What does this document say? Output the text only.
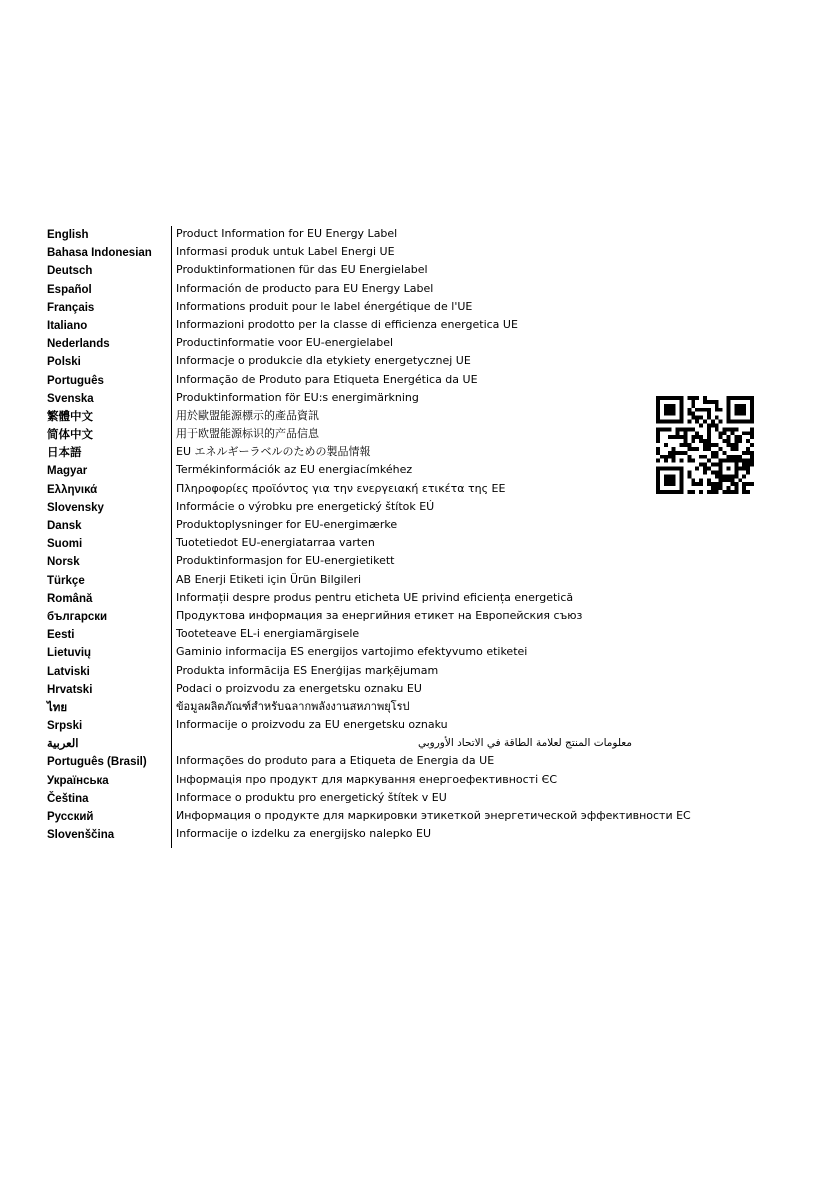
English	Product Information for EU Energy Label
Bahasa Indonesian	Informasi produk untuk Label Energi UE
Deutsch	Produktinformationen für das EU Energielabel
Español	Información de producto para EU Energy Label
Français	Informations produit pour le label énergétique de l'UE
Italiano	Informazioni prodotto per la classe di efficienza energetica UE
Nederlands	Productinformatie voor EU-energielabel
Polski	Informacje o produkcie dla etykiety energetycznej UE
Português	Informação de Produto para Etiqueta Energética da UE
Svenska	Produktinformation för EU:s energimärkning
繁體中文	用於歐盟能源標示的產品資訊
简体中文	用于欧盟能源标识的产品信息
日本語	EU エネルギーラベルのための製品情報
Magyar	Termékinformációk az EU energiacímkéhez
Ελληνικά	Πληροφορίες προϊόντος για την ενεργειακή ετικέτα της ΕΕ
Slovensky	Informácie o výrobku pre energetický štítok EÚ
Dansk	Produktoplysninger for EU-energimærke
Suomi	Tuotetiedot EU-energiatarraa varten
Norsk	Produktinformasjon for EU-energietikett
Türkçe	AB Enerji Etiketi için Ürün Bilgileri
Română	Informații despre produs pentru eticheta UE privind eficiența energetică
български	Продуктова информация за енергийния етикет на Европейския съюз
Eesti	Tooteteave EL-i energiamärgisele
Lietuvių	Gaminio informacija ES energijos vartojimo efektyvumo etiketei
Latviski	Produkta informācija ES Enerģijas marķējumam
Hrvatski	Podaci o proizvodu za energetsku oznaku EU
ไทย	ข้อมูลผลิตภัณฑ์สำหรับฉลากพลังงานสหภาพยุโรป
Srpski	Informacije o proizvodu za EU energetsku oznaku
العربية	معلومات المنتج لعلامة الطاقة في الاتحاد الأوروبي
Português (Brasil)	Informações do produto para a Etiqueta de Energia da UE
Українська	Інформація про продукт для маркування енергоефективності ЄС
Čeština	Informace o produktu pro energetický štítek v EU
Русский	Информация о продукте для маркировки этикеткой энергетической эффективности ЕС
Slovenščina	Informacije o izdelku za energijsko nalepko EU
